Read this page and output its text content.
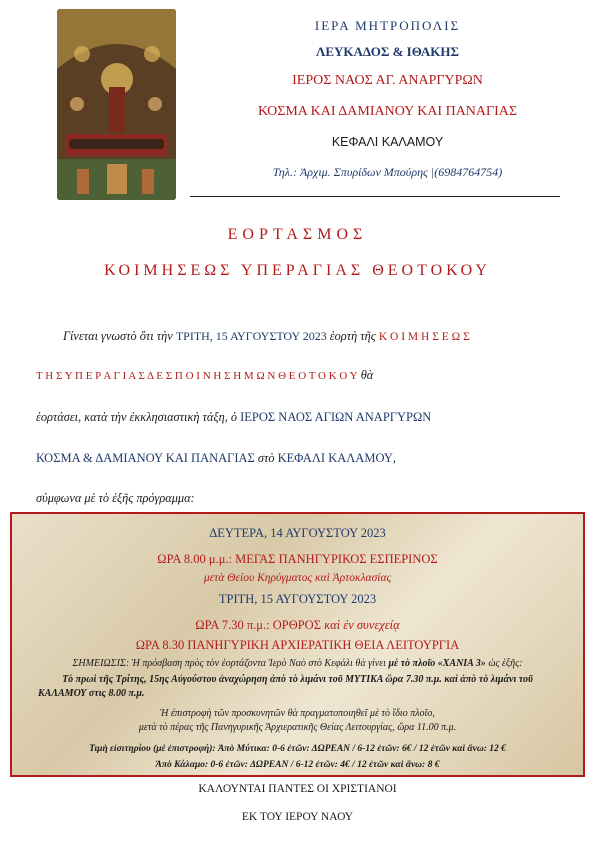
ΙΕΡΑ ΜΗΤΡΟΠΟΛΙΣ
ΛΕΥΚΑΔΟΣ & ΙΘΑΚΗΣ
ΙΕΡΟΣ ΝΑΟΣ ΑΓ. ΑΝΑΡΓΥΡΩΝ
ΚΟΣΜΑ ΚΑΙ ΔΑΜΙΑΝΟΥ ΚΑΙ ΠΑΝΑΓΙΑΣ
ΚΕΦΑΛΙ ΚΑΛΑΜΟΥ
Τηλ.: Ἀρχιμ. Σπυρίδων Μπούρης |(6984764754)
ΕΟΡΤΑΣΜΟΣ
ΚΟΙΜΗΣΕΩΣ ΥΠΕΡΑΓΙΑΣ ΘΕΟΤΟΚΟΥ
Γίνεται γνωστὸ ὅτι τὴν ΤΡΙΤΗ, 15 ΑΥΓΟΥΣΤΟΥ 2023 ἑορτὴ τῆς Κ Ο Ι Μ Η Σ Ε Ω Σ
Τ Η Σ Υ Π Ε Ρ Α Γ Ι Α Σ Δ Ε Σ Π Ο Ι Ν Η Σ Η Μ Ω Ν Θ Ε Ο Τ Ο Κ Ο Υ θὰ
ἑορτάσει, κατὰ τὴν ἐκκλησιαστικὴ τάξη, ὁ ΙΕΡΟΣ ΝΑΟΣ ΑΓΙΩΝ ΑΝΑΡΓΥΡΩΝ
ΚΟΣΜΑ & ΔΑΜΙΑΝΟΥ ΚΑΙ ΠΑΝΑΓΙΑΣ στὸ ΚΕΦΑΛΙ ΚΑΛΑΜΟΥ,
σύμφωνα μὲ τὸ ἑξῆς πρόγραμμα:
ΔΕΥΤΕΡΑ, 14 ΑΥΓΟΥΣΤΟΥ 2023
ΩΡΑ 8.00 μ.μ.: ΜΕΓΑΣ ΠΑΝΗΓΥΡΙΚΟΣ ΕΣΠΕΡΙΝΟΣ
μετὰ Θείου Κηρύγματος καὶ Ἀρτοκλασίας
ΤΡΙΤΗ, 15 ΑΥΓΟΥΣΤΟΥ 2023
ΩΡΑ 7.30 π.μ.: ΟΡΘΡΟΣ καὶ ἐν συνεχείᾳ
ΩΡΑ 8.30 ΠΑΝΗΓΥΡΙΚΗ ΑΡΧΙΕΡΑΤΙΚΗ ΘΕΙΑ ΛΕΙΤΟΥΡΓΙΑ
ΣΗΜΕΙΩΣΙΣ: Ἡ πρόσβαση πρὸς τὸν ἑορτάζοντα Ἱερὸ Ναὸ στὸ Κεφάλι θὰ γίνει μὲ τὸ πλοῖο «ΧΑΝΙΑ 3» ὡς ἑξῆς:
Τὸ πρωὶ τῆς Τρίτης, 15ης Αὐγούστου ἀναχώρηση ἀπὸ τὸ λιμάνι τοῦ ΜΥΤΙΚΑ ὥρα 7.30 π.μ. καὶ ἀπὸ τὸ λιμάνι τοῦ
ΚΑΛΑΜΟΥ στις 8.00 π.μ.
Ἡ ἐπιστροφὴ τῶν προσκυνητῶν θὰ πραγματοποιηθεῖ μὲ τὸ ἴδιο πλοῖο,
μετὰ τὸ πέρας τῆς Πανηγυρικῆς Ἀρχιερατικῆς Θείας Λειτουργίας, ὥρα 11.00 π.μ.
Τιμὴ εἰσιτηρίου (μὲ ἐπιστροφή): Ἀπὸ Μύτικα: 0-6 ἐτῶν: ΔΩΡΕΑΝ / 6-12 ἐτῶν: 6€ / 12 ἐτῶν καὶ ἄνω: 12 €
Ἀπὸ Κάλαμο: 0-6 ἐτῶν: ΔΩΡΕΑΝ / 6-12 ἐτῶν: 4€ / 12 ἐτῶν καὶ ἄνω: 8 €
ΚΑΛΟΥΝΤΑΙ ΠΑΝΤΕΣ ΟΙ ΧΡΙΣΤΙΑΝΟΙ
ΕΚ ΤΟΥ ΙΕΡΟΥ ΝΑΟΥ
